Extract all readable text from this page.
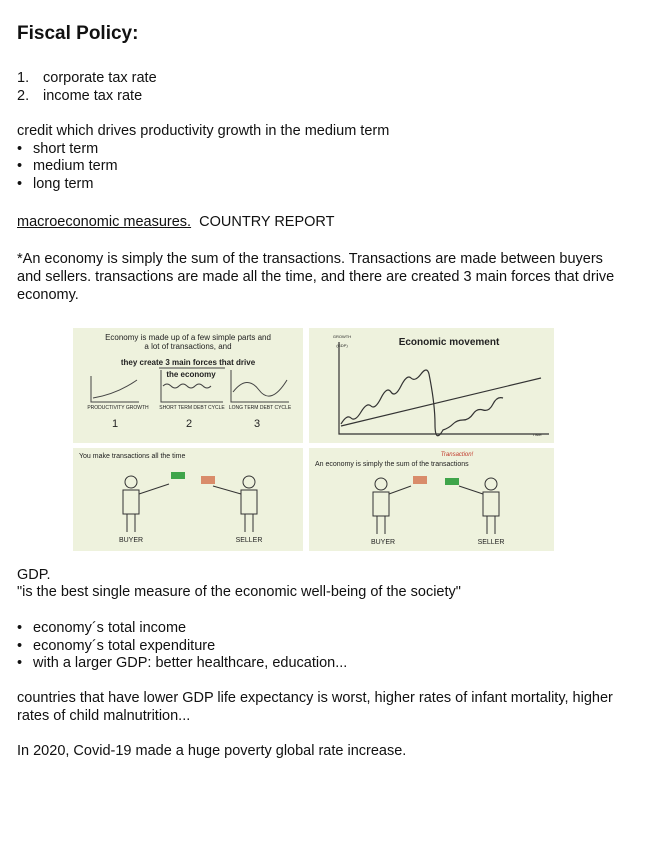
Fiscal Policy:
1. corporate tax rate
2. income tax rate
credit which drives productivity growth in the medium term
• short term
• medium term
• long term
macroeconomic measures. COUNTRY REPORT
*An economy is simply the sum of the transactions. Transactions are made between buyers and sellers. transactions are made all the time, and there are created 3 main forces that drive economy.
Economy is made up of a few simple parts and a lot of transactions, and
they create 3 main forces that drive
the economy
PRODUCTIVITY GROWTH	SHORT TERM DEBT CYCLE LONG TERM DEBT CYCLE
1	2	3
Economic movement
GROWTH (GDP)
TIME
You make transactions all the time
BUYER	SELLER
An economy is simply the sum of the transactions
Transaction!
BUYER	SELLER
GDP.
"is the best single measure of the economic well-being of the society"
• economy´s total income
• economy´s total expenditure
• with a larger GDP: better healthcare, education...
countries that have lower GDP life expectancy is worst, higher rates of infant mortality, higher rates of child malnutrition...
In 2020, Covid-19 made a huge poverty global rate increase.
